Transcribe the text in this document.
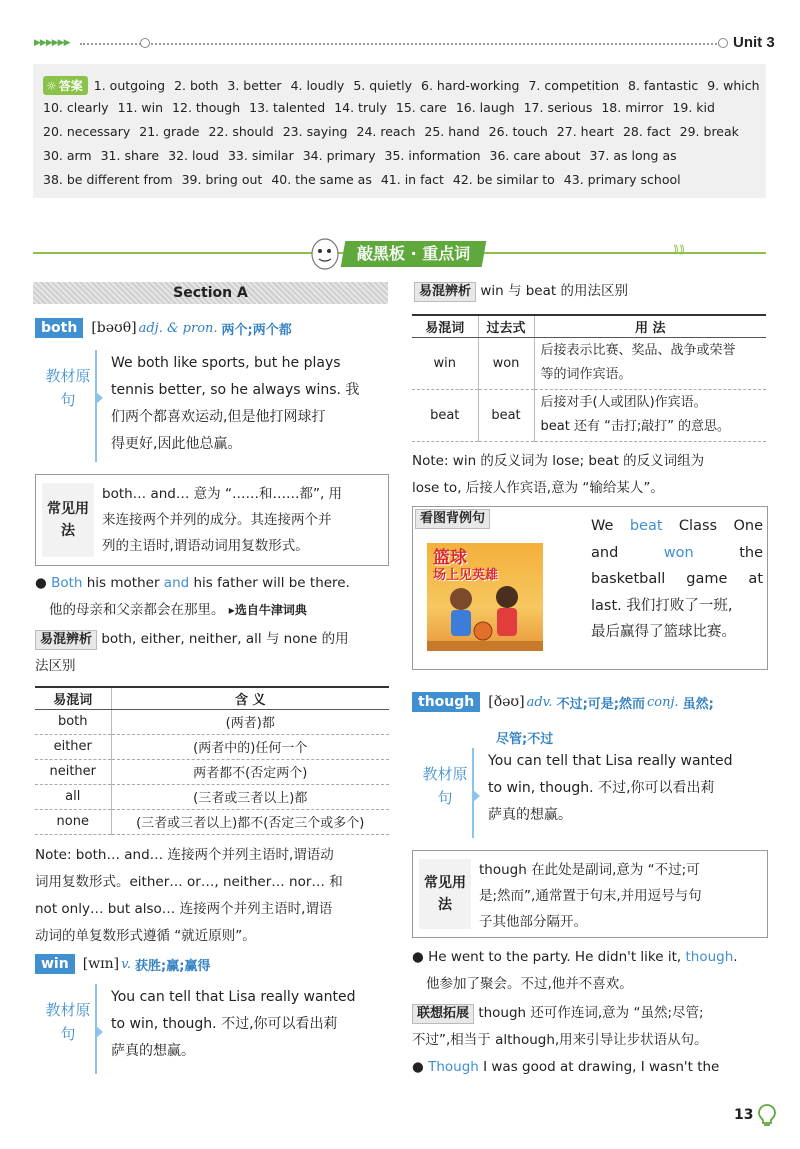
▶▶▶▶▶▶	Unit 3
☼ 答案 1. outgoing 2. both 3. better 4. loudly 5. quietly 6. hard-working 7. competition 8. fantastic 9. which
10. clearly 11. win 12. though 13. talented 14. truly 15. care 16. laugh 17. serious 18. mirror 19. kid
20. necessary 21. grade 22. should 23. saying 24. reach 25. hand 26. touch 27. heart 28. fact 29. break
30. arm 31. share 32. loud 33. similar 34. primary 35. information 36. care about 37. as long as
38. be different from 39. bring out 40. the same as 41. in fact 42. be similar to 43. primary school
敲黑板 · 重点词	⟫⟫
Section A
both	[bəʊθ] adj. & pron. 两个;两个都
教材原句
We both like sports, but he plays
tennis better, so he always wins. 我
们两个都喜欢运动,但是他打网球打
得更好,因此他总赢。
常见用法
both… and… 意为 “……和……都”, 用
来连接两个并列的成分。其连接两个并
列的主语时,谓语动词用复数形式。
● Both his mother and his father will be there.
他的母亲和父亲都会在那里。 ▸选自牛津词典
易混辨析 both, either, neither, all 与 none 的用
法区别
易混词	含 义
both	(两者)都
either	(两者中的)任何一个
neither	两者都不(否定两个)
all	(三者或三者以上)都
none	(三者或三者以上)都不(否定三个或多个)
Note: both… and… 连接两个并列主语时,谓语动
词用复数形式。either… or…, neither… nor… 和
not only… but also… 连接两个并列主语时,谓语
动词的单复数形式遵循 “就近原则”。
win	[wɪn] v. 获胜;赢;赢得
教材原句
You can tell that Lisa really wanted
to win, though. 不过,你可以看出莉
萨真的想赢。
易混辨析 win 与 beat 的用法区别
易混词	过去式	用 法
win	won	后接表示比赛、奖品、战争或荣誉
等的词作宾语。

beat	beat	后接对手(人或团队)作宾语。
beat 还有 “击打;敲打” 的意思。
Note: win 的反义词为 lose; beat 的反义词组为
lose to, 后接人作宾语,意为 “输给某人”。
看图背例句
篮球
场上见英雄
We beat Class One
and won the
basketball game at
last. 我们打败了一班,
最后赢得了篮球比赛。
though	[ðəʊ] adv. 不过;可是;然而 conj. 虽然;
尽管;不过
教材原句
You can tell that Lisa really wanted
to win, though. 不过,你可以看出莉
萨真的想赢。
常见用法
though 在此处是副词,意为 “不过;可
是;然而”,通常置于句末,并用逗号与句
子其他部分隔开。
● He went to the party. He didn't like it, though.
他参加了聚会。不过,他并不喜欢。
联想拓展 though 还可作连词,意为 “虽然;尽管;
不过”,相当于 although,用来引导让步状语从句。
● Though I was good at drawing, I wasn't the
13
